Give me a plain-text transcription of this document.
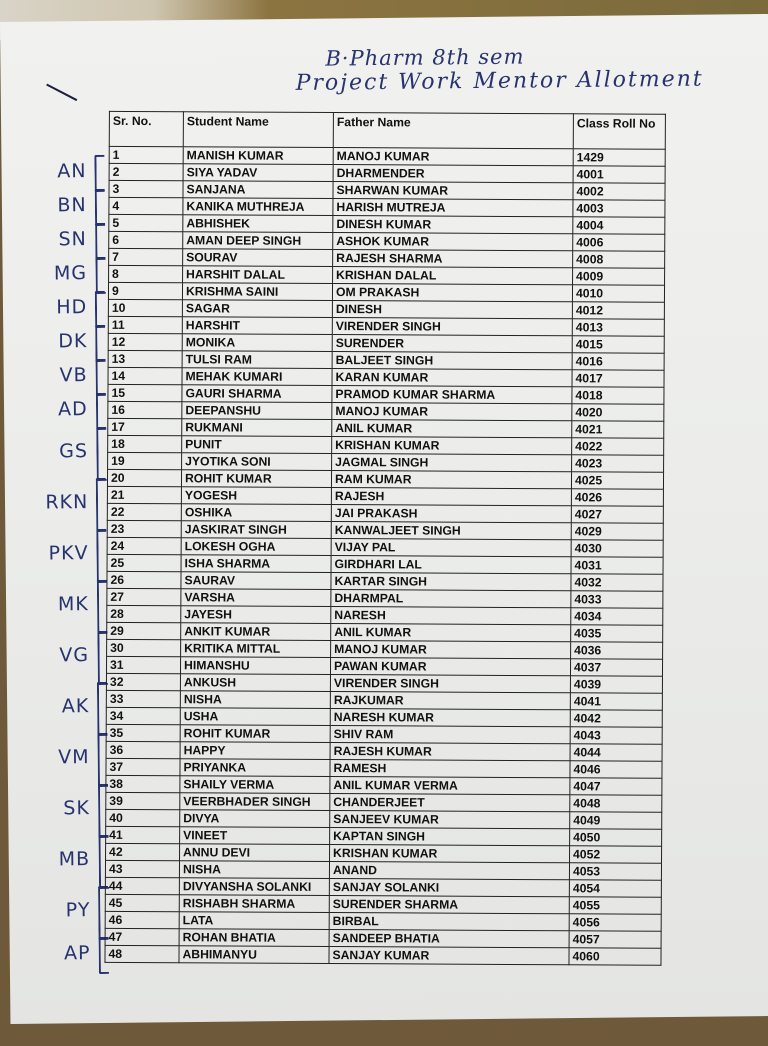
B·Pharm 8th sem
Project Work Mentor Allotment
AN
BN
SN
MG
HD
DK
VB
AD
GS
RKN
PKV
MK
VG
AK
VM
SK
MB
PY
AP
Sr. No.	Student Name	Father Name	Class Roll No
1	MANISH KUMAR	MANOJ KUMAR	1429
2	SIYA YADAV	DHARMENDER	4001
3	SANJANA	SHARWAN KUMAR	4002
4	KANIKA MUTHREJA	HARISH MUTREJA	4003
5	ABHISHEK	DINESH KUMAR	4004
6	AMAN DEEP SINGH	ASHOK KUMAR	4006
7	SOURAV	RAJESH SHARMA	4008
8	HARSHIT DALAL	KRISHAN DALAL	4009
9	KRISHMA SAINI	OM PRAKASH	4010
10	SAGAR	DINESH	4012
11	HARSHIT	VIRENDER SINGH	4013
12	MONIKA	SURENDER	4015
13	TULSI RAM	BALJEET SINGH	4016
14	MEHAK KUMARI	KARAN KUMAR	4017
15	GAURI SHARMA	PRAMOD KUMAR SHARMA	4018
16	DEEPANSHU	MANOJ KUMAR	4020
17	RUKMANI	ANIL KUMAR	4021
18	PUNIT	KRISHAN KUMAR	4022
19	JYOTIKA SONI	JAGMAL SINGH	4023
20	ROHIT KUMAR	RAM KUMAR	4025
21	YOGESH	RAJESH	4026
22	OSHIKA	JAI PRAKASH	4027
23	JASKIRAT SINGH	KANWALJEET SINGH	4029
24	LOKESH OGHA	VIJAY PAL	4030
25	ISHA SHARMA	GIRDHARI LAL	4031
26	SAURAV	KARTAR SINGH	4032
27	VARSHA	DHARMPAL	4033
28	JAYESH	NARESH	4034
29	ANKIT KUMAR	ANIL KUMAR	4035
30	KRITIKA MITTAL	MANOJ KUMAR	4036
31	HIMANSHU	PAWAN KUMAR	4037
32	ANKUSH	VIRENDER SINGH	4039
33	NISHA	RAJKUMAR	4041
34	USHA	NARESH KUMAR	4042
35	ROHIT KUMAR	SHIV RAM	4043
36	HAPPY	RAJESH KUMAR	4044
37	PRIYANKA	RAMESH	4046
38	SHAILY VERMA	ANIL KUMAR VERMA	4047
39	VEERBHADER SINGH	CHANDERJEET	4048
40	DIVYA	SANJEEV KUMAR	4049
41	VINEET	KAPTAN SINGH	4050
42	ANNU DEVI	KRISHAN KUMAR	4052
43	NISHA	ANAND	4053
44	DIVYANSHA SOLANKI	SANJAY SOLANKI	4054
45	RISHABH SHARMA	SURENDER SHARMA	4055
46	LATA	BIRBAL	4056
47	ROHAN BHATIA	SANDEEP BHATIA	4057
48	ABHIMANYU	SANJAY KUMAR	4060
